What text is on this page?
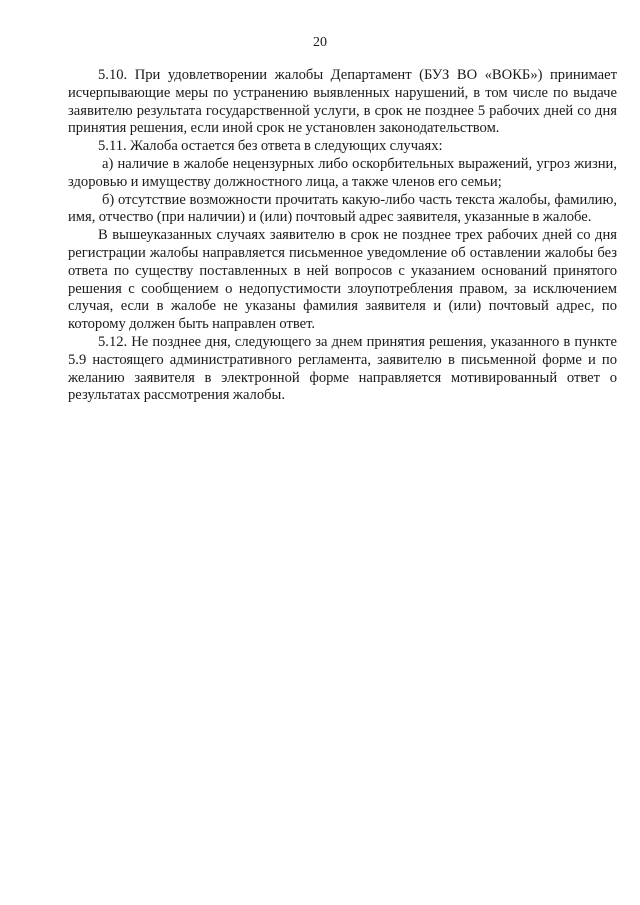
20

5.10. При удовлетворении жалобы Департамент (БУЗ ВО «ВОКБ») принимает исчерпывающие меры по устранению выявленных нарушений, в том числе по выдаче заявителю результата государственной услуги, в срок не позднее 5 рабочих дней со дня принятия решения, если иной срок не установлен законодательством.

5.11. Жалоба остается без ответа в следующих случаях:

а) наличие в жалобе нецензурных либо оскорбительных выражений, угроз жизни, здоровью и имуществу должностного лица, а также членов его семьи;

б) отсутствие возможности прочитать какую-либо часть текста жалобы, фамилию, имя, отчество (при наличии) и (или) почтовый адрес заявителя, указанные в жалобе.

В вышеуказанных случаях заявителю в срок не позднее трех рабочих дней со дня регистрации жалобы направляется письменное уведомление об оставлении жалобы без ответа по существу поставленных в ней вопросов с указанием оснований принятого решения с сообщением о недопустимости злоупотребления правом, за исключением случая, если в жалобе не указаны фамилия заявителя и (или) почтовый адрес, по которому должен быть направлен ответ.

5.12. Не позднее дня, следующего за днем принятия решения, указанного в пункте 5.9 настоящего административного регламента, заявителю в письменной форме и по желанию заявителя в электронной форме направляется мотивированный ответ о результатах рассмотрения жалобы.
